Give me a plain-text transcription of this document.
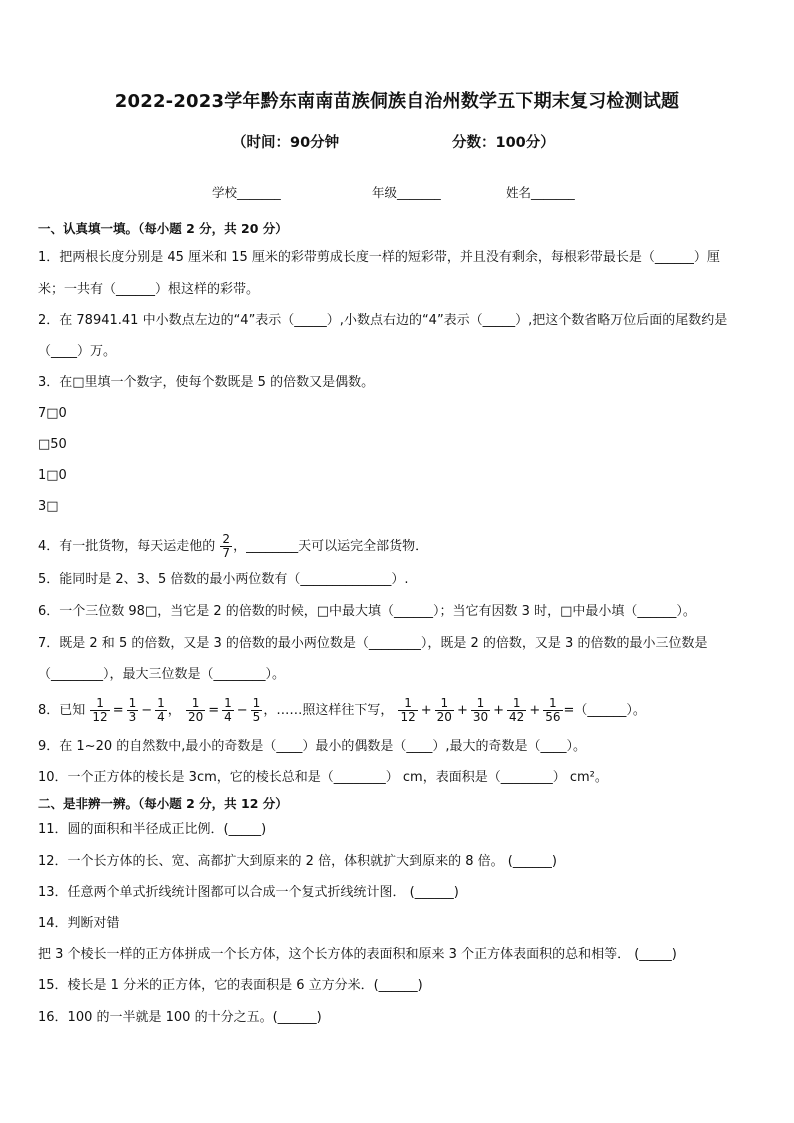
2022-2023学年黔东南南苗族侗族自治州数学五下期末复习检测试题
（时间：90分钟	分数：100分）
学校_______	年级_______	姓名_______
一、认真填一填。（每小题 2 分，共 20 分）
1．把两根长度分别是 45 厘米和 15 厘米的彩带剪成长度一样的短彩带，并且没有剩余，每根彩带最长是（______）厘
米；一共有（______）根这样的彩带。
2．在 78941.41 中小数点左边的“4”表示（_____）,小数点右边的“4”表示（_____）,把这个数省略万位后面的尾数约是
（____）万。
3．在□里填一个数字，使每个数既是 5 的倍数又是偶数。
7□0
□50
1□0
3□
4．有一批货物，每天运走他的 $\frac{2}{7}$ ，________天可以运完全部货物．
5．能同时是 2、3、5 倍数的最小两位数有（______________）.
6．一个三位数 98□，当它是 2 的倍数的时候，□中最大填（______）；当它有因数 3 时，□中最小填（______）。
7．既是 2 和 5 的倍数，又是 3 的倍数的最小两位数是（________），既是 2 的倍数，又是 3 的倍数的最小三位数是
（________），最大三位数是（________）。
8．已知 $\frac{1}{12} = \frac{1}{3} - \frac{1}{4}$ ， $\frac{1}{20} = \frac{1}{4} - \frac{1}{5}$ ，……照这样往下写， $\frac{1}{12} + \frac{1}{20} + \frac{1}{30} + \frac{1}{42} + \frac{1}{56}$ =（______）。
9．在 1~20 的自然数中,最小的奇数是（____）最小的偶数是（____）,最大的奇数是（____）。
10．一个正方体的棱长是 3cm，它的棱长总和是（________） cm，表面积是（________） cm²。
二、是非辨一辨。（每小题 2 分，共 12 分）
11．圆的面积和半径成正比例．(_____)
12．一个长方体的长、宽、高都扩大到原来的 2 倍，体积就扩大到原来的 8 倍。 (______)
13．任意两个单式折线统计图都可以合成一个复式折线统计图． (______)
14．判断对错
把 3 个棱长一样的正方体拼成一个长方体，这个长方体的表面积和原来 3 个正方体表面积的总和相等． (_____)
15．棱长是 1 分米的正方体，它的表面积是 6 立方分米．(______)
16．100 的一半就是 100 的十分之五。(______)
